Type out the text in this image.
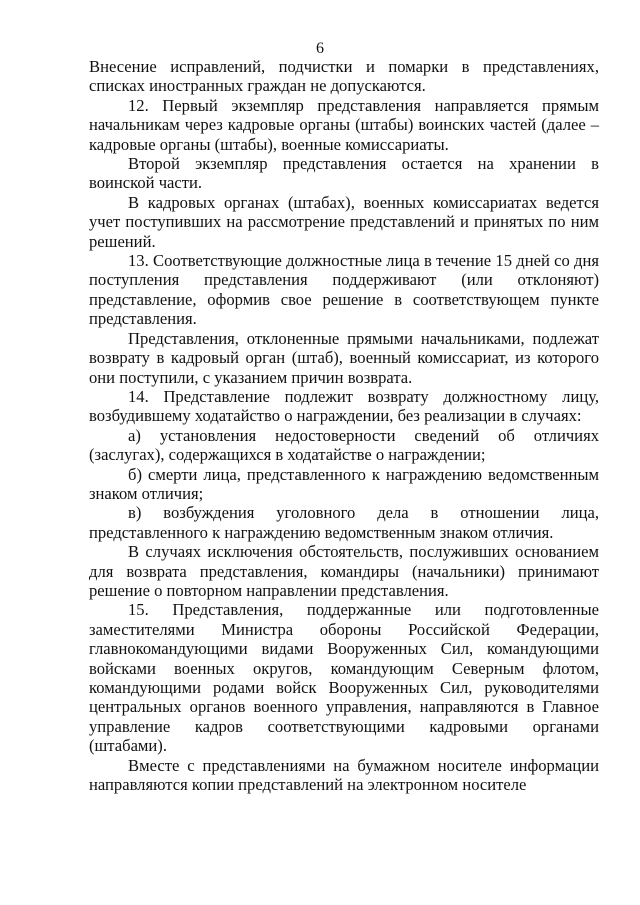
6

Внесение исправлений, подчистки и помарки в представлениях, списках иностранных граждан не допускаются.

12. Первый экземпляр представления направляется прямым начальникам через кадровые органы (штабы) воинских частей (далее – кадровые органы (штабы), военные комиссариаты.

Второй экземпляр представления остается на хранении в воинской части.

В кадровых органах (штабах), военных комиссариатах ведется учет поступивших на рассмотрение представлений и принятых по ним решений.

13. Соответствующие должностные лица в течение 15 дней со дня поступления представления поддерживают (или отклоняют) представление, оформив свое решение в соответствующем пункте представления.

Представления, отклоненные прямыми начальниками, подлежат возврату в кадровый орган (штаб), военный комиссариат, из которого они поступили, с указанием причин возврата.

14. Представление подлежит возврату должностному лицу, возбудившему ходатайство о награждении, без реализации в случаях:

а) установления недостоверности сведений об отличиях (заслугах), содержащихся в ходатайстве о награждении;

б) смерти лица, представленного к награждению ведомственным знаком отличия;

в) возбуждения уголовного дела в отношении лица, представленного к награждению ведомственным знаком отличия.

В случаях исключения обстоятельств, послуживших основанием для возврата представления, командиры (начальники) принимают решение о повторном направлении представления.

15. Представления, поддержанные или подготовленные заместителями Министра обороны Российской Федерации, главнокомандующими видами Вооруженных Сил, командующими войсками военных округов, командующим Северным флотом, командующими родами войск Вооруженных Сил, руководителями центральных органов военного управления, направляются в Главное управление кадров соответствующими кадровыми органами (штабами).

Вместе с представлениями на бумажном носителе информации направляются копии представлений на электронном носителе
